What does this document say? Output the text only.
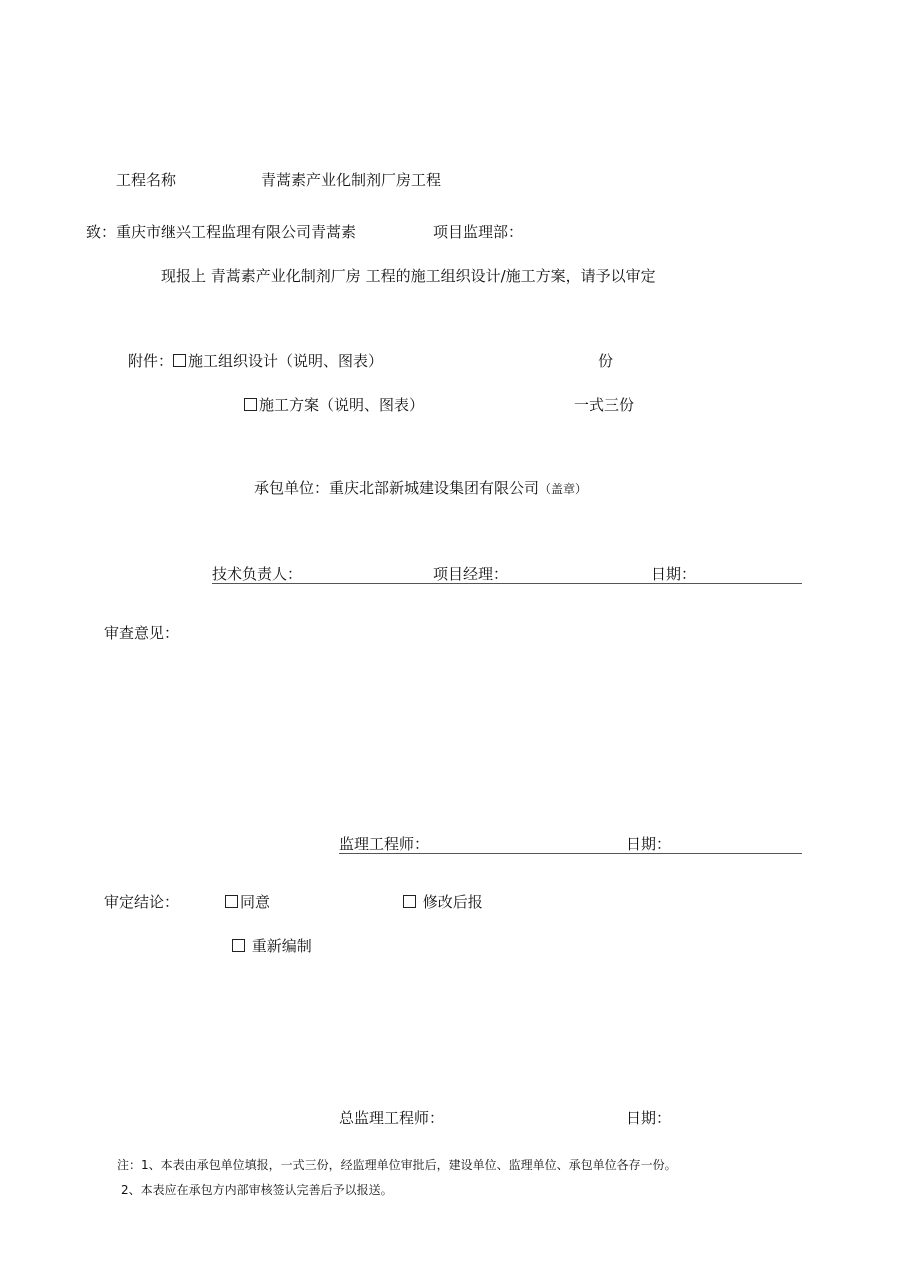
工程名称	青蒿素产业化制剂厂房工程
致：重庆市继兴工程监理有限公司青蒿素	项目监理部：
现报上 青蒿素产业化制剂厂房 工程的施工组织设计/施工方案，请予以审定
附件： 施工组织设计（说明、图表）	份
施工方案（说明、图表）	一式三份
承包单位：重庆北部新城建设集团有限公司（盖章）
技术负责人：	项目经理：	日期：
审查意见：
监理工程师：	日期：
审定结论：	同意	修改后报
重新编制
总监理工程师：	日期：
注：1、本表由承包单位填报，一式三份，经监理单位审批后，建设单位、监理单位、承包单位各存一份。
2、本表应在承包方内部审核签认完善后予以报送。
